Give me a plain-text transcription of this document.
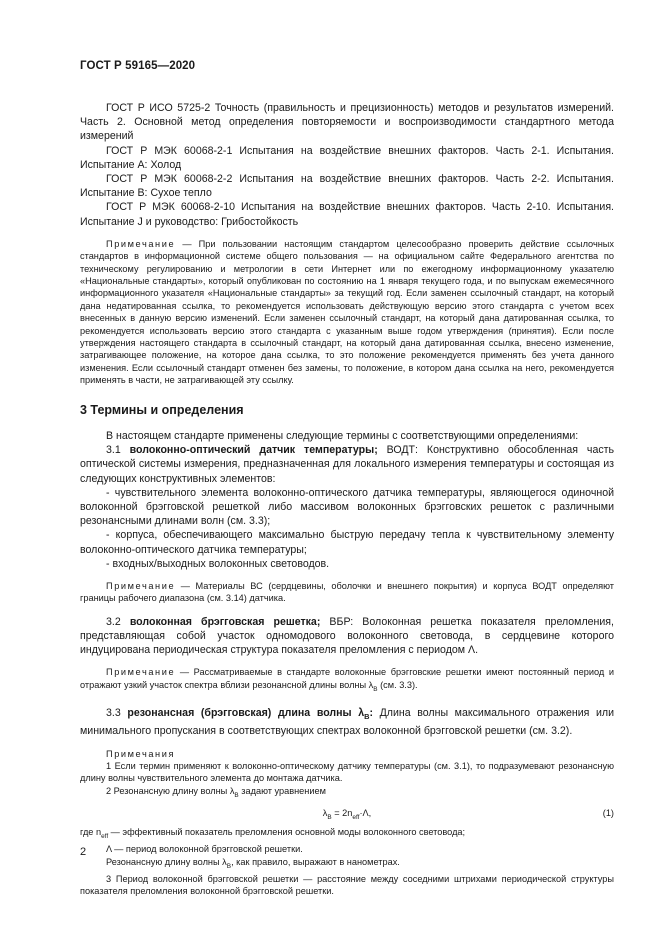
ГОСТ Р 59165—2020

ГОСТ Р ИСО 5725-2 Точность (правильность и прецизионность) методов и результатов измерений. Часть 2. Основной метод определения повторяемости и воспроизводимости стандартного метода измерений

ГОСТ Р МЭК 60068-2-1 Испытания на воздействие внешних факторов. Часть 2-1. Испытания. Испытание А: Холод

ГОСТ Р МЭК 60068-2-2 Испытания на воздействие внешних факторов. Часть 2-2. Испытания. Испытание В: Сухое тепло

ГОСТ Р МЭК 60068-2-10 Испытания на воздействие внешних факторов. Часть 2-10. Испытания. Испытание J и руководство: Грибостойкость

Примечание — При пользовании настоящим стандартом целесообразно проверить действие ссылочных стандартов в информационной системе общего пользования — на официальном сайте Федерального агентства по техническому регулированию и метрологии в сети Интернет или по ежегодному информационному указателю «Национальные стандарты», который опубликован по состоянию на 1 января текущего года, и по выпускам ежемесячного информационного указателя «Национальные стандарты» за текущий год. Если заменен ссылочный стандарт, на который дана недатированная ссылка, то рекомендуется использовать действующую версию этого стандарта с учетом всех внесенных в данную версию изменений. Если заменен ссылочный стандарт, на который дана датированная ссылка, то рекомендуется использовать версию этого стандарта с указанным выше годом утверждения (принятия). Если после утверждения настоящего стандарта в ссылочный стандарт, на который дана датированная ссылка, внесено изменение, затрагивающее положение, на которое дана ссылка, то это положение рекомендуется применять без учета данного изменения. Если ссылочный стандарт отменен без замены, то положение, в котором дана ссылка на него, рекомендуется применять в части, не затрагивающей эту ссылку.

3 Термины и определения

В настоящем стандарте применены следующие термины с соответствующими определениями:

3.1 волоконно-оптический датчик температуры; ВОДТ: Конструктивно обособленная часть оптической системы измерения, предназначенная для локального измерения температуры и состоящая из следующих конструктивных элементов:

- чувствительного элемента волоконно-оптического датчика температуры, являющегося одиночной волоконной брэгговской решеткой либо массивом волоконных брэгговских решеток с различными резонансными длинами волн (см. 3.3);

- корпуса, обеспечивающего максимально быструю передачу тепла к чувствительному элементу волоконно-оптического датчика температуры;

- входных/выходных волоконных световодов.

Примечание — Материалы ВС (сердцевины, оболочки и внешнего покрытия) и корпуса ВОДТ определяют границы рабочего диапазона (см. 3.14) датчика.

3.2 волоконная брэгговская решетка; ВБР: Волоконная решетка показателя преломления, представляющая собой участок одномодового волоконного световода, в сердцевине которого индуцирована периодическая структура показателя преломления с периодом Λ.

Примечание — Рассматриваемые в стандарте волоконные брэгговские решетки имеют постоянный период и отражают узкий участок спектра вблизи резонансной длины волны $\lambda_B$ (см. 3.3).

3.3 резонансная (брэгговская) длина волны $\lambda_B$: Длина волны максимального отражения или минимального пропускания в соответствующих спектрах волоконной брэгговской решетки (см. 3.2).

Примечания

1 Если термин применяют к волоконно-оптическому датчику температуры (см. 3.1), то подразумевают резонансную длину волны чувствительного элемента до монтажа датчика.

2 Резонансную длину волны $\lambda_B$ задают уравнением

$\lambda_B = 2n_{eff}\cdot\Lambda$,	(1)

где $n_{eff}$ — эффективный показатель преломления основной моды волоконного световода;

Λ — период волоконной брэгговской решетки.

Резонансную длину волны $\lambda_B$, как правило, выражают в нанометрах.

3 Период волоконной брэгговской решетки — расстояние между соседними штрихами периодической структуры показателя преломления волоконной брэгговской решетки.

2
